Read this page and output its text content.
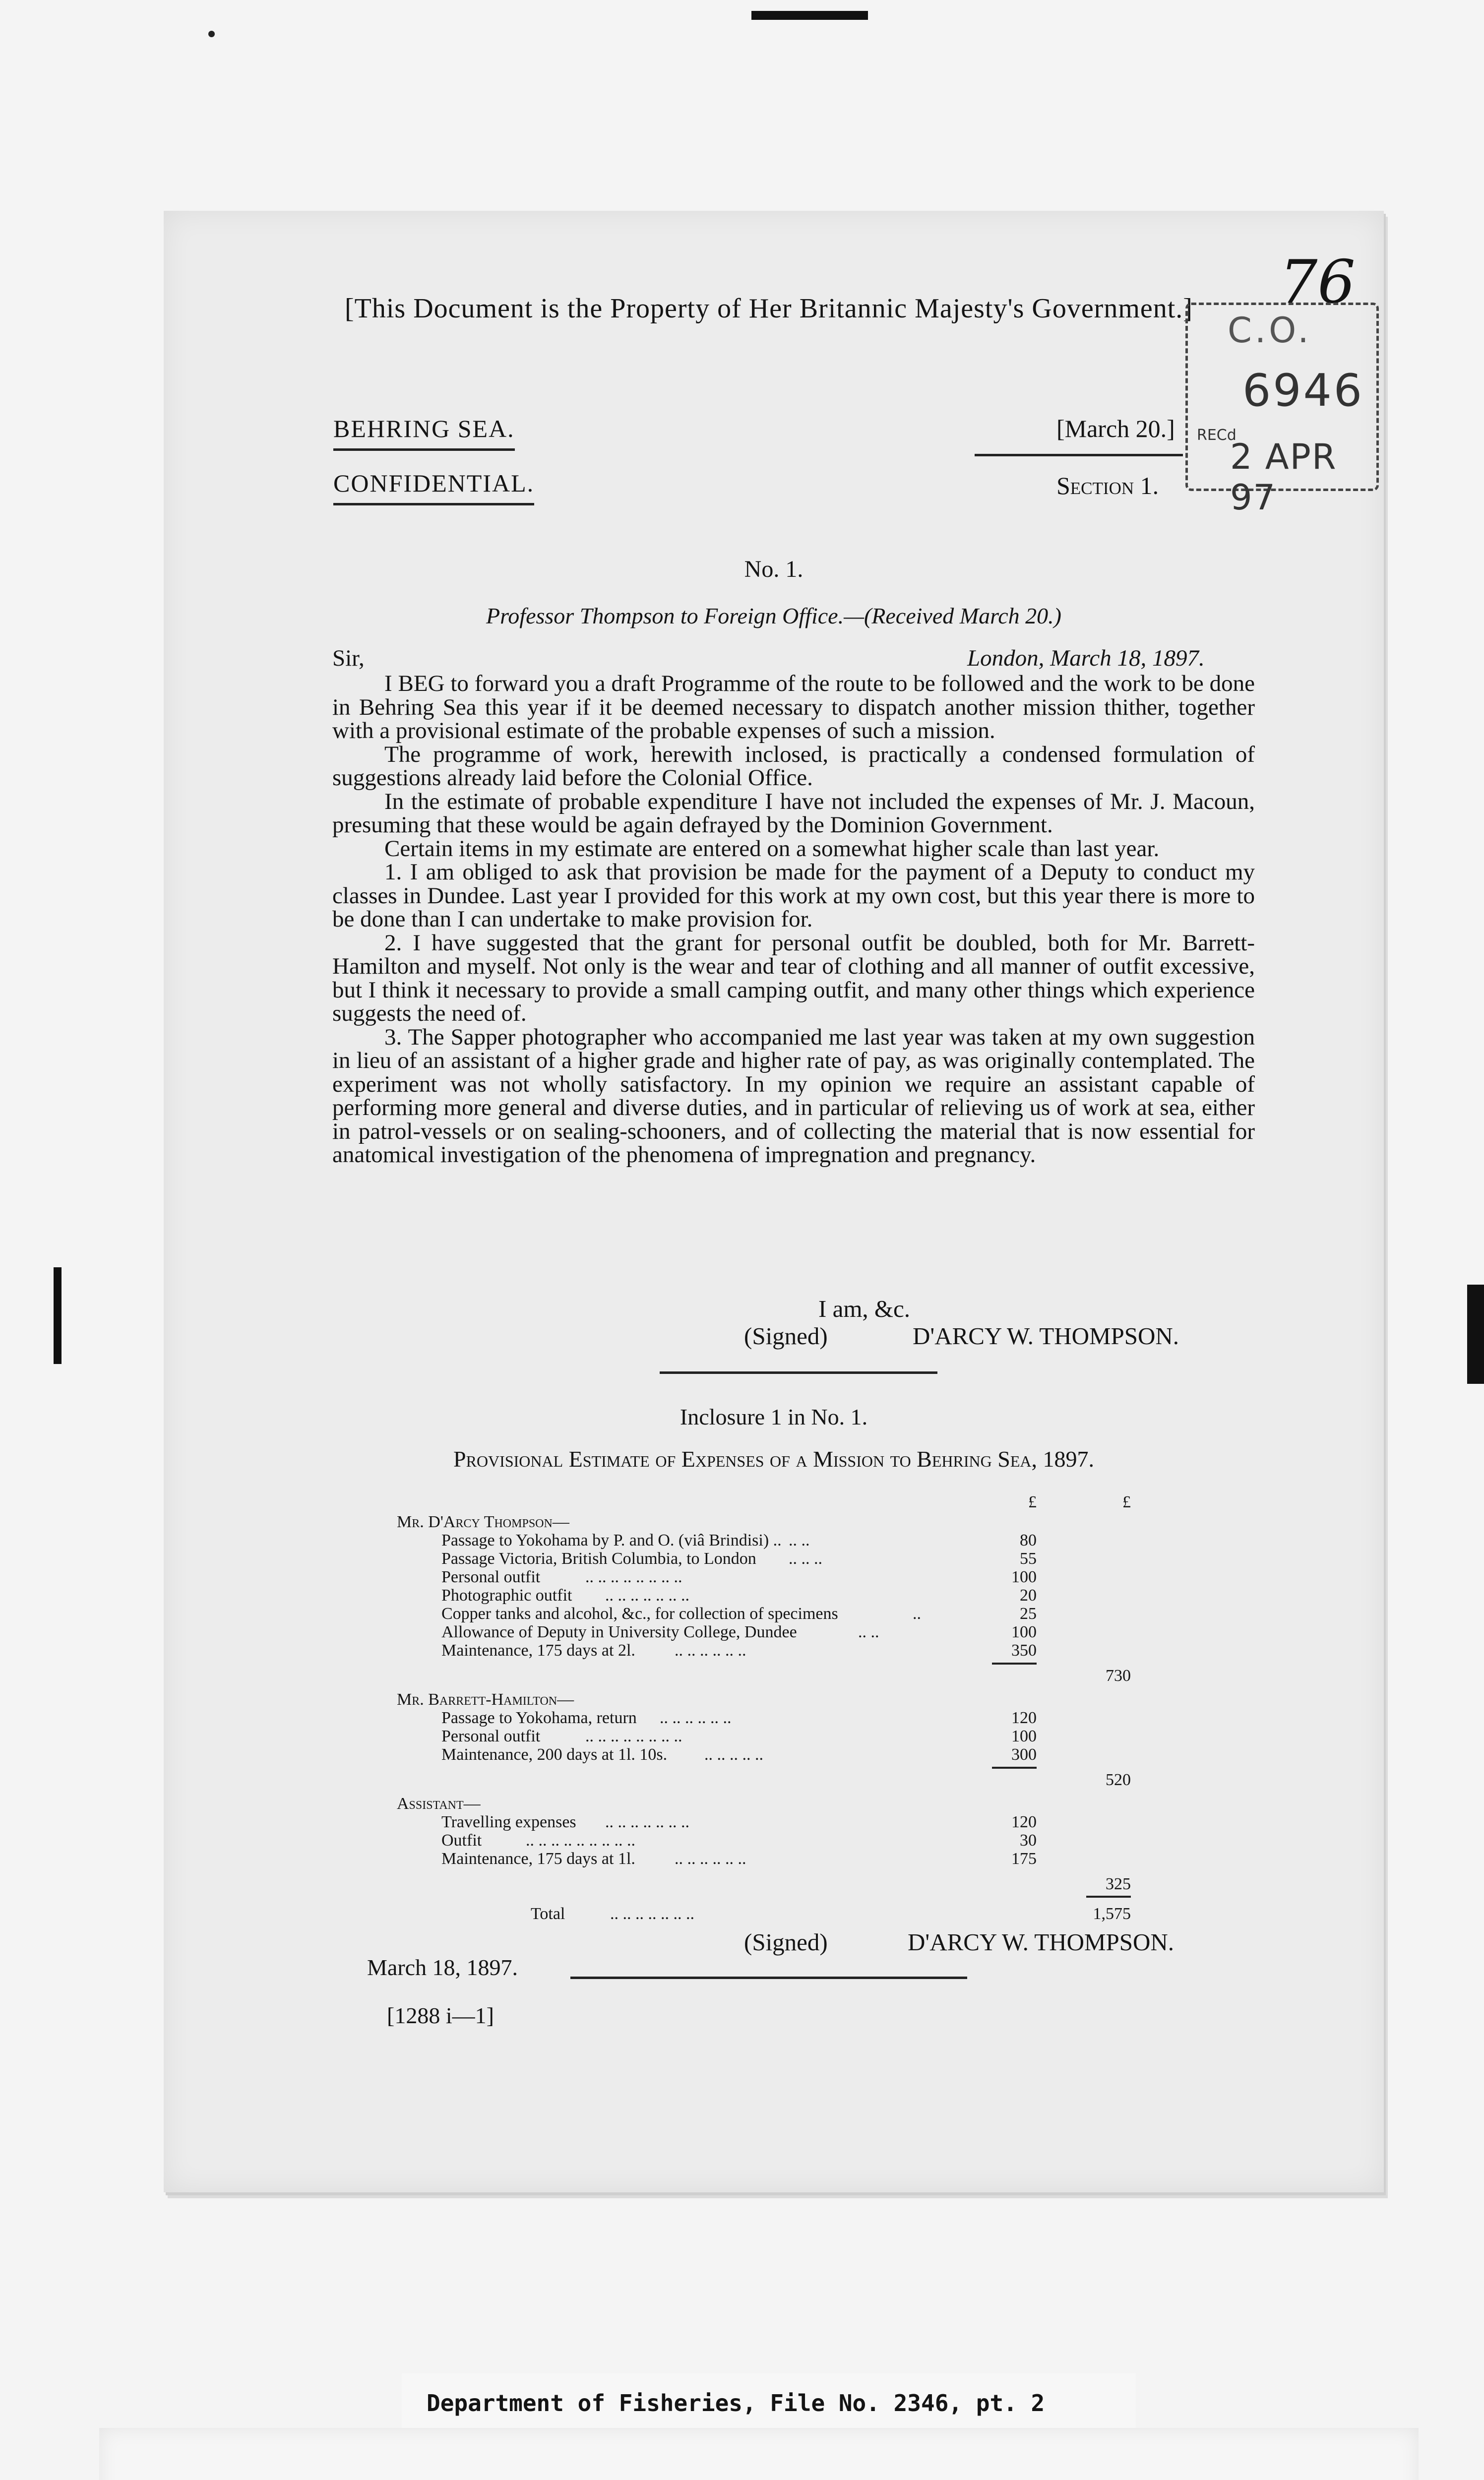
[This Document is the Property of Her Britannic Majesty's Government.] 76
C.O.
6946
RECd
2 APR 97
BEHRING SEA.
CONFIDENTIAL.
[March 20.]
Section 1.
No. 1.
Professor Thompson to Foreign Office.—(Received March 20.)
Sir,	London, March 18, 1897.

I BEG to forward you a draft Programme of the route to be followed and the work to be done in Behring Sea this year if it be deemed necessary to dispatch another mission thither, together with a provisional estimate of the probable expenses of such a mission.

The programme of work, herewith inclosed, is practically a condensed formulation of suggestions already laid before the Colonial Office.

In the estimate of probable expenditure I have not included the expenses of Mr. J. Macoun, presuming that these would be again defrayed by the Dominion Government.

Certain items in my estimate are entered on a somewhat higher scale than last year.

1. I am obliged to ask that provision be made for the payment of a Deputy to conduct my classes in Dundee. Last year I provided for this work at my own cost, but this year there is more to be done than I can undertake to make provision for.

2. I have suggested that the grant for personal outfit be doubled, both for Mr. Barrett-Hamilton and myself. Not only is the wear and tear of clothing and all manner of outfit excessive, but I think it necessary to provide a small camping outfit, and many other things which experience suggests the need of.

3. The Sapper photographer who accompanied me last year was taken at my own suggestion in lieu of an assistant of a higher grade and higher rate of pay, as was originally contemplated. The experiment was not wholly satisfactory. In my opinion we require an assistant capable of performing more general and diverse duties, and in particular of relieving us of work at sea, either in patrol-vessels or on sealing-schooners, and of collecting the material that is now essential for anatomical investigation of the phenomena of impregnation and pregnancy.

I am, &c.
(Signed)	D'ARCY W. THOMPSON.
Inclosure 1 in No. 1.
Provisional Estimate of Expenses of a Mission to Behring Sea, 1897.
£	£
Mr. D'Arcy Thompson—
Passage to Yokohama by P. and O. (viâ Brindisi) .. .. ..	80
Passage Victoria, British Columbia, to London .. .. ..	55
Personal outfit	.. .. .. .. .. .. .. ..	100
Photographic outfit .. .. .. .. .. .. ..	20
Copper tanks and alcohol, &c., for collection of specimens	..	25
Allowance of Deputy in University College, Dundee	.. ..	100
Maintenance, 175 days at 2l. .. .. .. .. .. ..	350
730
Mr. Barrett-Hamilton—
Passage to Yokohama, return .. .. .. .. .. ..	120
Personal outfit	.. .. .. .. .. .. .. ..	100
Maintenance, 200 days at 1l. 10s. .. .. .. .. ..	300
520
Assistant—
Travelling expenses .. .. .. .. .. .. ..	120
Outfit	.. .. .. .. .. .. .. .. ..	30
Maintenance, 175 days at 1l. .. .. .. .. .. ..	175
325
Total	.. .. .. .. .. .. ..	1,575
(Signed)	D'ARCY W. THOMPSON.
March 18, 1897.
[1288 i—1]
Department of Fisheries, File No. 2346, pt. 2
